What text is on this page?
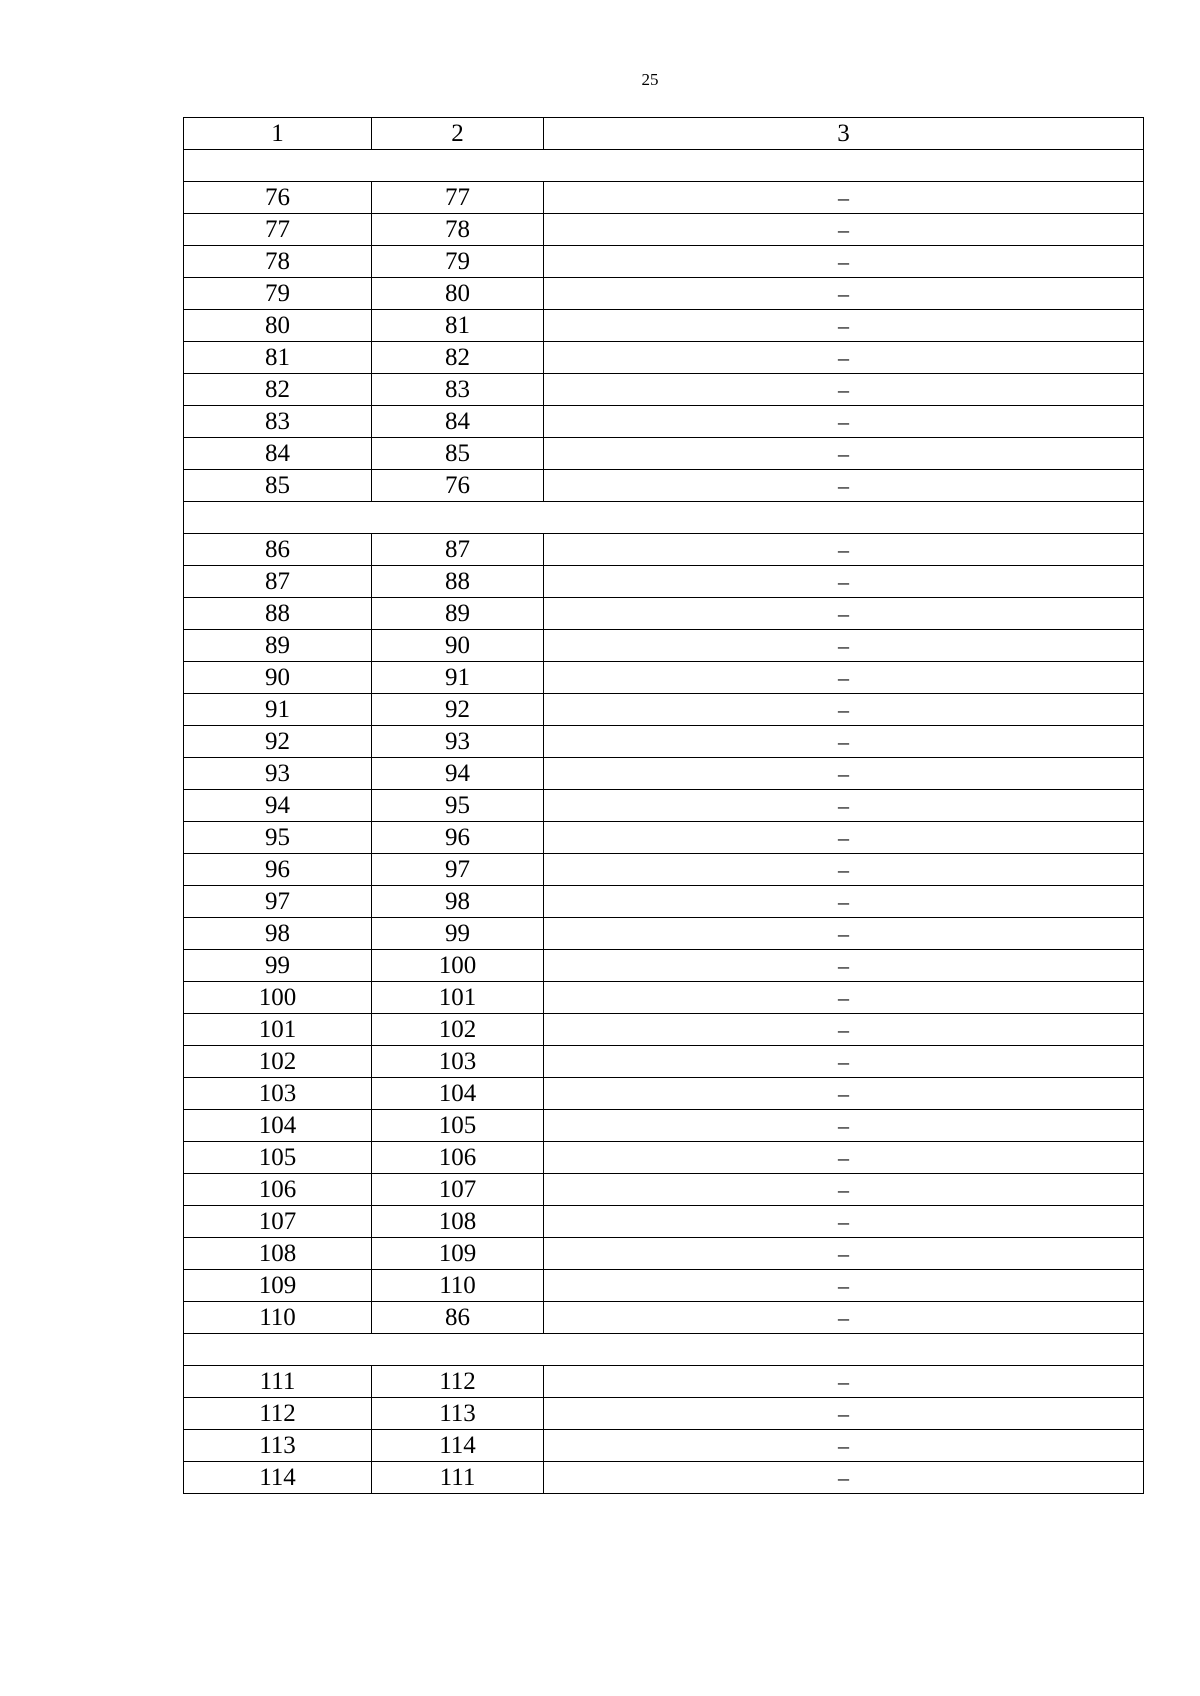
25
1	2	3

76	77	–
77	78	–
78	79	–
79	80	–
80	81	–
81	82	–
82	83	–
83	84	–
84	85	–
85	76	–

86	87	–
87	88	–
88	89	–
89	90	–
90	91	–
91	92	–
92	93	–
93	94	–
94	95	–
95	96	–
96	97	–
97	98	–
98	99	–
99	100	–
100	101	–
101	102	–
102	103	–
103	104	–
104	105	–
105	106	–
106	107	–
107	108	–
108	109	–
109	110	–
110	86	–

111	112	–
112	113	–
113	114	–
114	111	–
